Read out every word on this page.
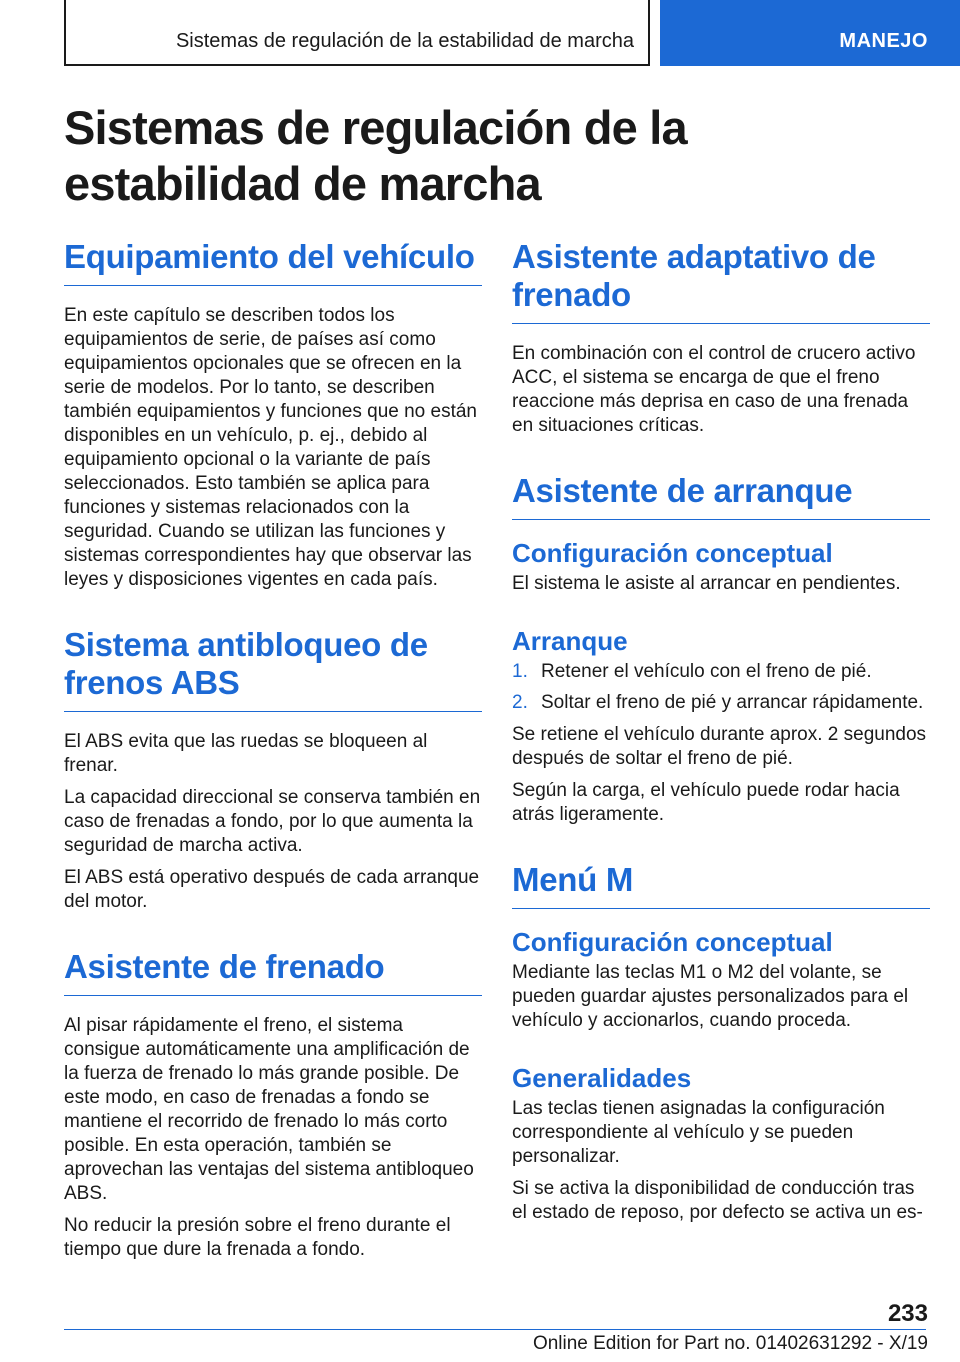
Sistemas de regulación de la estabilidad de marcha	MANEJO
Sistemas de regulación de la estabilidad de marcha
Equipamiento del vehículo

En este capítulo se describen todos los equipamientos de serie, de países así como equipamientos opcionales que se ofrecen en la serie de modelos. Por lo tanto, se describen también equipamientos y funciones que no están disponibles en un vehículo, p. ej., debido al equipamiento opcional o la variante de país seleccionados. Esto también se aplica para funciones y sistemas relacionados con la seguridad. Cuando se utilizan las funciones y sistemas correspondientes hay que observar las leyes y disposiciones vigentes en cada país.

Sistema antibloqueo de frenos ABS

El ABS evita que las ruedas se bloqueen al frenar.

La capacidad direccional se conserva también en caso de frenadas a fondo, por lo que aumenta la seguridad de marcha activa.

El ABS está operativo después de cada arranque del motor.

Asistente de frenado

Al pisar rápidamente el freno, el sistema consigue automáticamente una amplificación de la fuerza de frenado lo más grande posible. De este modo, en caso de frenadas a fondo se mantiene el recorrido de frenado lo más corto posible. En esta operación, también se aprovechan las ventajas del sistema antibloqueo ABS.

No reducir la presión sobre el freno durante el tiempo que dure la frenada a fondo.

Asistente adaptativo de frenado

En combinación con el control de crucero activo ACC, el sistema se encarga de que el freno reaccione más deprisa en caso de una frenada en situaciones críticas.

Asistente de arranque
Configuración conceptual

El sistema le asiste al arrancar en pendientes.

Arranque
1. Retener el vehículo con el freno de pié.
2. Soltar el freno de pié y arrancar rápidamente.

Se retiene el vehículo durante aprox. 2 segundos después de soltar el freno de pié.

Según la carga, el vehículo puede rodar hacia atrás ligeramente.

Menú M
Configuración conceptual

Mediante las teclas M1 o M2 del volante, se pueden guardar ajustes personalizados para el vehículo y accionarlos, cuando proceda.

Generalidades

Las teclas tienen asignadas la configuración correspondiente al vehículo y se pueden personalizar.

Si se activa la disponibilidad de conducción tras el estado de reposo, por defecto se activa un es-

233
Online Edition for Part no. 01402631292 - X/19
